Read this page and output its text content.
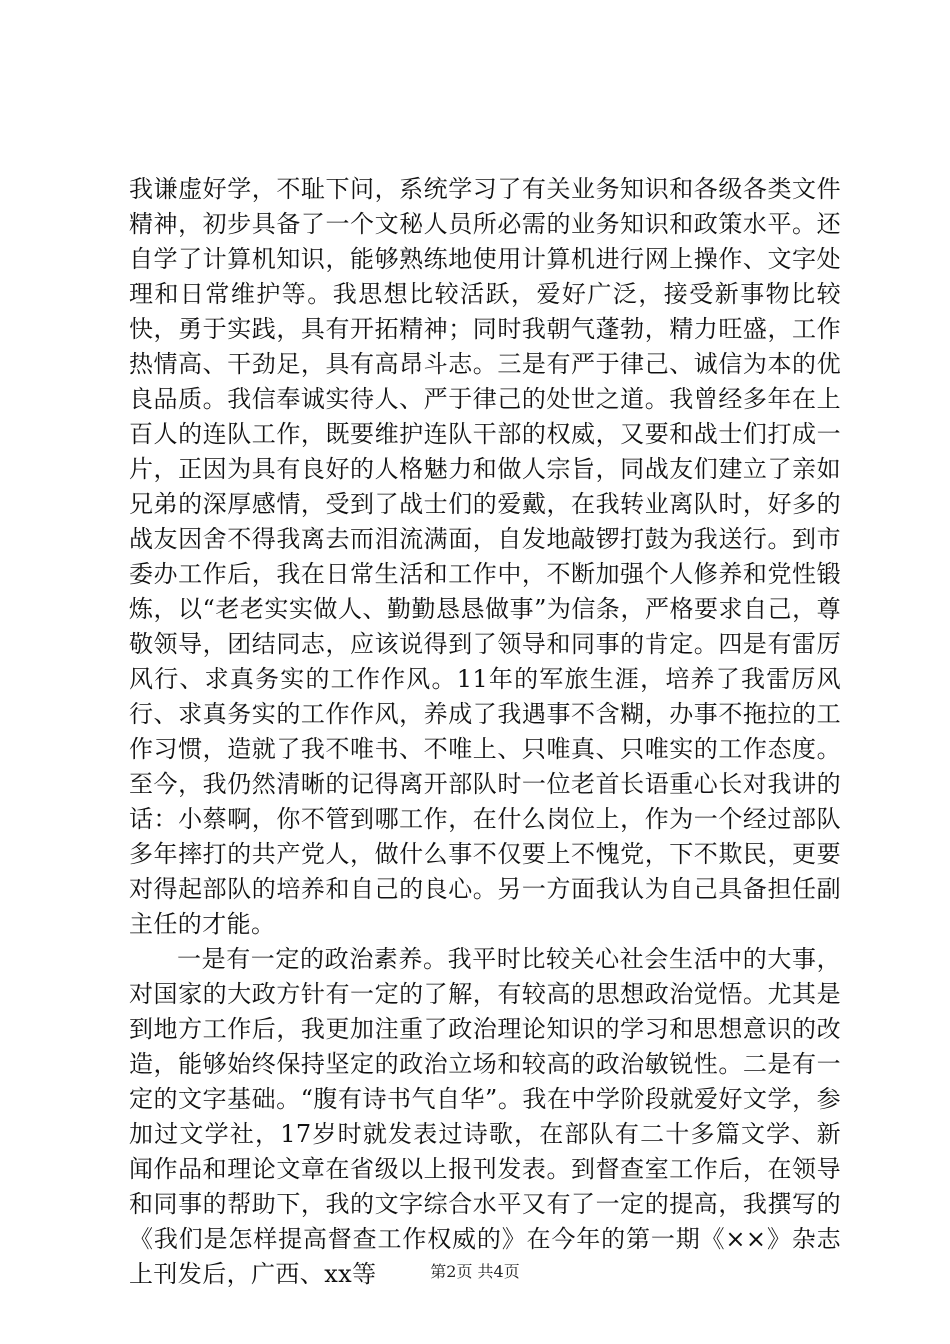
我谦虚好学，不耻下问，系统学习了有关业务知识和各级各类文件精神，初步具备了一个文秘人员所必需的业务知识和政策水平。还自学了计算机知识，能够熟练地使用计算机进行网上操作、文字处理和日常维护等。我思想比较活跃，爱好广泛，接受新事物比较快，勇于实践，具有开拓精神；同时我朝气蓬勃，精力旺盛，工作热情高、干劲足，具有高昂斗志。三是有严于律己、诚信为本的优良品质。我信奉诚实待人、严于律己的处世之道。我曾经多年在上百人的连队工作，既要维护连队干部的权威，又要和战士们打成一片，正因为具有良好的人格魅力和做人宗旨，同战友们建立了亲如兄弟的深厚感情，受到了战士们的爱戴，在我转业离队时，好多的战友因舍不得我离去而泪流满面，自发地敲锣打鼓为我送行。到市委办工作后，我在日常生活和工作中，不断加强个人修养和党性锻炼，以“老老实实做人、勤勤恳恳做事”为信条，严格要求自己，尊敬领导，团结同志，应该说得到了领导和同事的肯定。四是有雷厉风行、求真务实的工作作风。11年的军旅生涯，培养了我雷厉风行、求真务实的工作作风，养成了我遇事不含糊，办事不拖拉的工作习惯，造就了我不唯书、不唯上、只唯真、只唯实的工作态度。至今，我仍然清晰的记得离开部队时一位老首长语重心长对我讲的话：小蔡啊，你不管到哪工作，在什么岗位上，作为一个经过部队多年摔打的共产党人，做什么事不仅要上不愧党，下不欺民，更要对得起部队的培养和自己的良心。另一方面我认为自己具备担任副主任的才能。

一是有一定的政治素养。我平时比较关心社会生活中的大事，对国家的大政方针有一定的了解，有较高的思想政治觉悟。尤其是到地方工作后，我更加注重了政治理论知识的学习和思想意识的改造，能够始终保持坚定的政治立场和较高的政治敏锐性。二是有一定的文字基础。“腹有诗书气自华”。我在中学阶段就爱好文学，参加过文学社，17岁时就发表过诗歌，在部队有二十多篇文学、新闻作品和理论文章在省级以上报刊发表。到督查室工作后，在领导和同事的帮助下，我的文字综合水平又有了一定的提高，我撰写的《我们是怎样提高督查工作权威的》在今年的第一期《××》杂志上刊发后，广西、xx等	第2页 共4页
